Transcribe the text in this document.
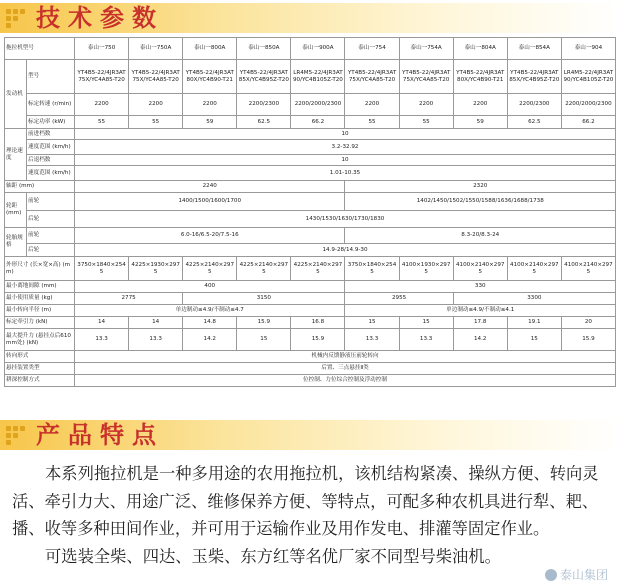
技术参数
拖拉机型号		泰山一750	泰山一750A	泰山一800A	泰山一850A	泰山一900A	泰山一754	泰山一754A	泰山一804A	泰山一854A	泰山一904
发动机	型号	YT4B5-22/4JR3AT75X/YC4A85-T20	YT4B5-22/4JR3AT75X/YC4A85-T20	YT4B5-22/4JR3AT80X/YC4B90-T21	YT4B5-22/4JR3AT85X/YC4B95Z-T20	LR4M5-22/4JR3AT90/YC4B105Z-T20	YT4B5-22/4JR3AT75X/YC4A85-T20	YT4B5-22/4JR3AT75X/YC4A85-T20	YT4B5-22/4JR3AT80X/YC4B90-T21	YT4B5-22/4JR3AT85X/YC4B95Z-T20	LR4M5-22/4JR3AT90/YC4B105Z-T20
	标定转速 (r/min)	2200	2200	2200	2200/2300	2200/2000/2300	2200	2200	2200	2200/2300	2200/2000/2300
	标定功率 (kW)	55	55	59	62.5	66.2	55	55	59	62.5	66.2
理论速度	前进档数	10									
	速度范围 (km/h)	3.2-32.92									
	后退档数	10									
	速度范围 (km/h)	1.01-10.35									
轴距 (mm)		2240					2320				
轮距 (mm)	前轮	1400/1500/1600/1700					1402/1450/1502/1550/1588/1636/1688/1738				
	后轮	1430/1530/1630/1730/1830									
轮胎规格	前轮	6.0-16/6.5-20/7.5-16					8.3-20/8.3-24				
	后轮	14.9-28/14.9-30									
外形尺寸 (长×宽×高) (mm)		3750×1840×2545	4225×1930×2975	4225×2140×2975	4225×2140×2975	4225×2140×2975	3750×1840×2545	4100×1930×2975	4100×2140×2975	4100×2140×2975	4100×2140×2975
最小离地间隙 (mm)		400					330				
最小使用质量 (kg)		2775		3150			2955		3300		
最小转向半径 (m)		单边制动≤4.9/不制动≤4.7					单边制动≤4.9/不制动≤4.1				
标定牵引力 (kN)		14	14	14.8	15.9	16.8	15	15	17.8	19.1	20
最大提升力 (悬挂点后610mm处) (kN)		13.3	13.3	14.2	15	15.9	13.3	13.3	14.2	15	15.9
转向形式		机械内反馈静液压前轮转向									
悬挂装置类型		后置、三点悬挂Ⅱ类									
耕深控制方式		位控制、力位综合控制及浮动控制									
产品特点

本系列拖拉机是一种多用途的农用拖拉机，该机结构紧凑、操纵方便、转向灵活、牵引力大、用途广泛、维修保养方便、等特点，可配多种农机具进行犁、耙、播、收等多种田间作业，并可用于运输作业及用作发电、排灌等固定作业。

可选装全柴、四达、玉柴、东方红等名优厂家不同型号柴油机。

泰山集团
